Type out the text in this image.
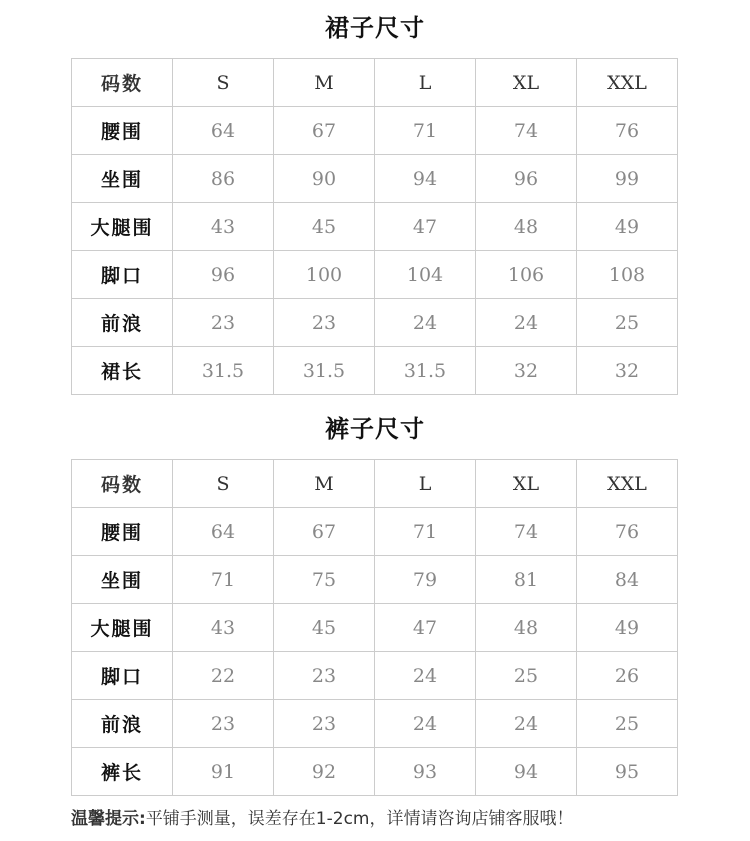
裙子尺寸
码数	S	M	L	XL	XXL
腰围	64	67	71	74	76
坐围	86	90	94	96	99
大腿围	43	45	47	48	49
脚口	96	100	104	106	108
前浪	23	23	24	24	25
裙长	31.5	31.5	31.5	32	32
裤子尺寸
码数	S	M	L	XL	XXL
腰围	64	67	71	74	76
坐围	71	75	79	81	84
大腿围	43	45	47	48	49
脚口	22	23	24	25	26
前浪	23	23	24	24	25
裤长	91	92	93	94	95
温馨提示:平铺手测量，误差存在1-2cm，详情请咨询店铺客服哦！
